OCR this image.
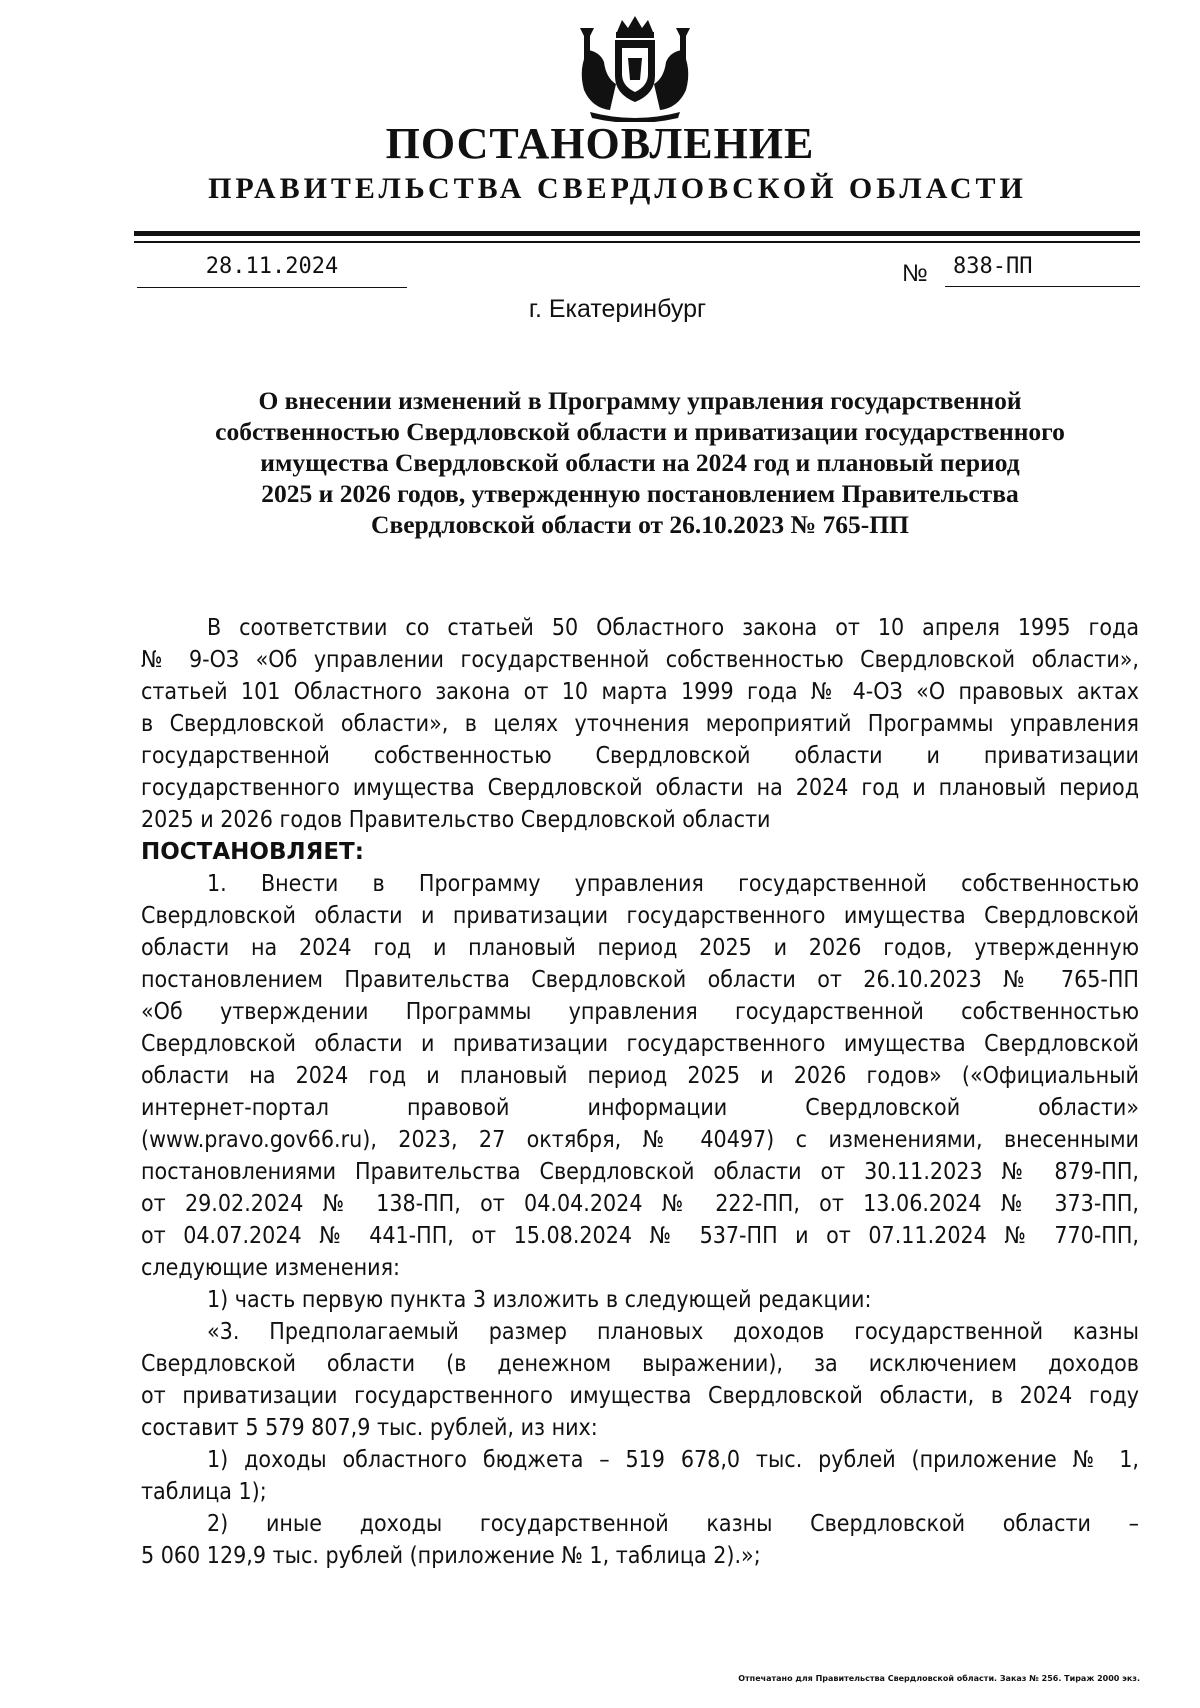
ПОСТАНОВЛЕНИЕ
ПРАВИТЕЛЬСТВА СВЕРДЛОВСКОЙ ОБЛАСТИ
28.11.2024	№	838-ПП
г. Екатеринбург
О внесении изменений в Программу управления государственной
собственностью Свердловской области и приватизации государственного
имущества Свердловской области на 2024 год и плановый период
2025 и 2026 годов, утвержденную постановлением Правительства
Свердловской области от 26.10.2023 № 765-ПП
В соответствии со статьей 50 Областного закона от 10 апреля 1995 года
№ 9-ОЗ «Об управлении государственной собственностью Свердловской области»,
статьей 101 Областного закона от 10 марта 1999 года № 4-ОЗ «О правовых актах
в Свердловской области», в целях уточнения мероприятий Программы управления
государственной собственностью Свердловской области и приватизации
государственного имущества Свердловской области на 2024 год и плановый период
2025 и 2026 годов Правительство Свердловской области
ПОСТАНОВЛЯЕТ:
1. Внести в Программу управления государственной собственностью
Свердловской области и приватизации государственного имущества Свердловской
области на 2024 год и плановый период 2025 и 2026 годов, утвержденную
постановлением Правительства Свердловской области от 26.10.2023 № 765-ПП
«Об утверждении Программы управления государственной собственностью
Свердловской области и приватизации государственного имущества Свердловской
области на 2024 год и плановый период 2025 и 2026 годов» («Официальный
интернет-портал правовой информации Свердловской области»
(www.pravo.gov66.ru), 2023, 27 октября, № 40497) с изменениями, внесенными
постановлениями Правительства Свердловской области от 30.11.2023 № 879-ПП,
от 29.02.2024 № 138-ПП, от 04.04.2024 № 222-ПП, от 13.06.2024 № 373-ПП,
от 04.07.2024 № 441-ПП, от 15.08.2024 № 537-ПП и от 07.11.2024 № 770-ПП,
следующие изменения:
1) часть первую пункта 3 изложить в следующей редакции:
«3. Предполагаемый размер плановых доходов государственной казны
Свердловской области (в денежном выражении), за исключением доходов
от приватизации государственного имущества Свердловской области, в 2024 году
составит 5 579 807,9 тыс. рублей, из них:
1) доходы областного бюджета – 519 678,0 тыс. рублей (приложение № 1,
таблица 1);
2) иные доходы государственной казны Свердловской области –
5 060 129,9 тыс. рублей (приложение № 1, таблица 2).»;
Отпечатано для Правительства Свердловской области. Заказ № 256. Тираж 2000 экз.
